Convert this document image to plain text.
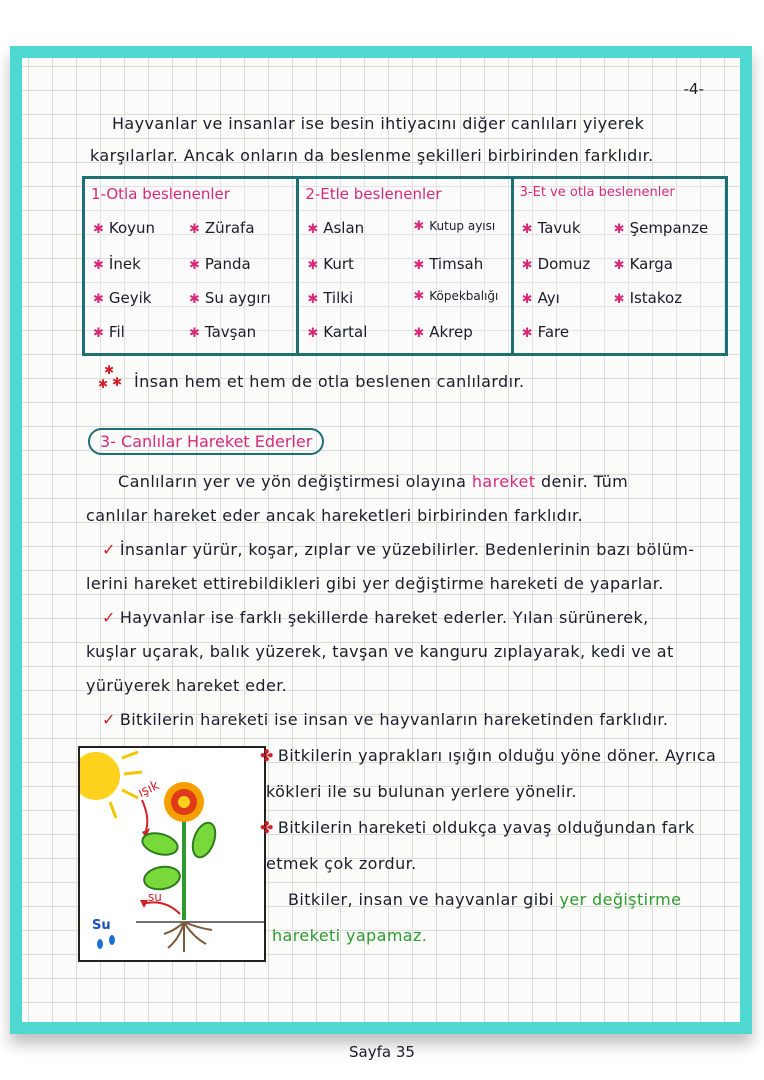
-4-
Hayvanlar ve insanlar ise besin ihtiyacını diğer canlıları yiyerek
karşılarlar. Ancak onların da beslenme şekilleri birbirinden farklıdır.
1-Otla beslenenler
✱ Koyun	✱ Zürafa
✱ İnek	✱ Panda
✱ Geyik	✱ Su aygırı
✱ Fil	✱ Tavşan
2-Etle beslenenler
✱ Aslan	✱ Kutup ayısı
✱ Kurt	✱ Timsah
✱ Tilki	✱ Köpekbalığı
✱ Kartal	✱ Akrep
3-Et ve otla beslenenler
✱ Tavuk	✱ Şempanze
✱ Domuz ✱ Karga
✱ Ayı	✱ Istakoz
✱ Fare
✱
✱ ✱ İnsan hem et hem de otla beslenen canlılardır.
3- Canlılar Hareket Ederler
Canlıların yer ve yön değiştirmesi olayına hareket denir. Tüm
canlılar hareket eder ancak hareketleri birbirinden farklıdır.
✓ İnsanlar yürür, koşar, zıplar ve yüzebilirler. Bedenlerinin bazı bölüm-
lerini hareket ettirebildikleri gibi yer değiştirme hareketi de yaparlar.
✓ Hayvanlar ise farklı şekillerde hareket ederler. Yılan sürünerek,
kuşlar uçarak, balık yüzerek, tavşan ve kanguru zıplayarak, kedi ve at
yürüyerek hareket eder.
✓ Bitkilerin hareketi ise insan ve hayvanların hareketinden farklıdır.
ışık
su
Su
✤ Bitkilerin yaprakları ışığın olduğu yöne döner. Ayrıca
kökleri ile su bulunan yerlere yönelir.
✤ Bitkilerin hareketi oldukça yavaş olduğundan fark
etmek çok zordur.
Bitkiler, insan ve hayvanlar gibi yer değiştirme
hareketi yapamaz.
Sayfa 35
